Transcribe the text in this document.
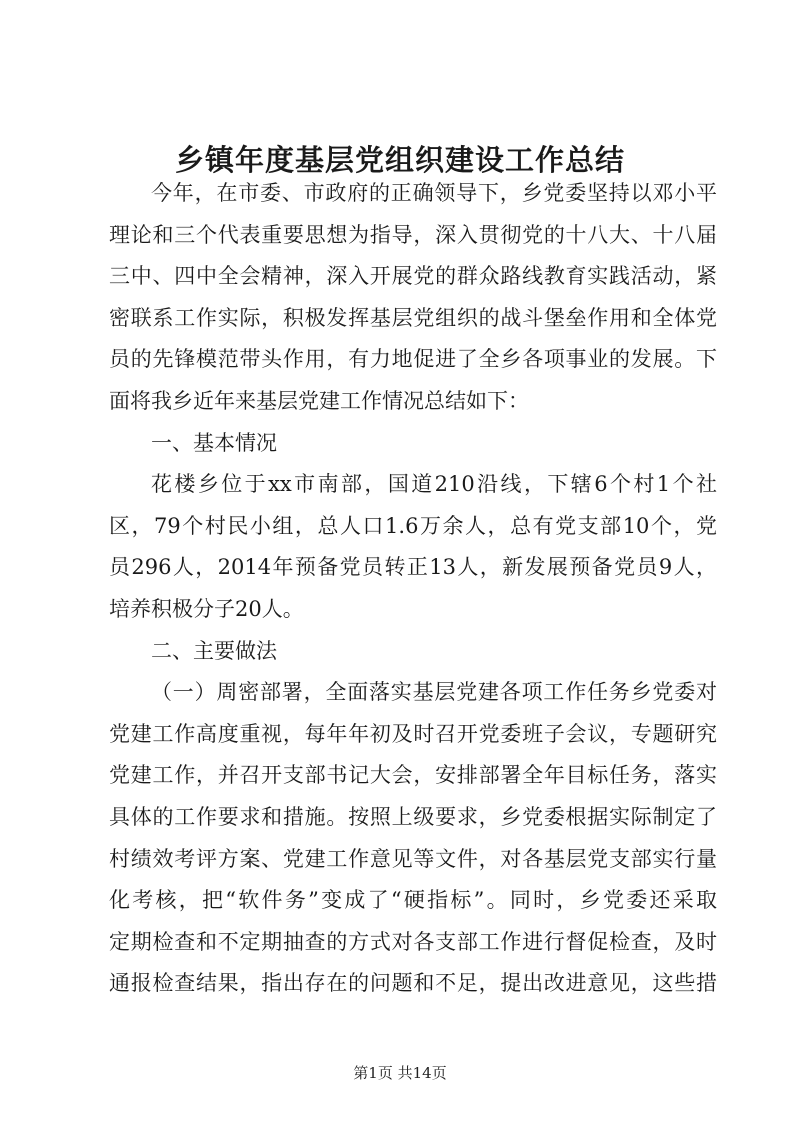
乡镇年度基层党组织建设工作总结

今年，在市委、市政府的正确领导下，乡党委坚持以邓小平

理论和三个代表重要思想为指导，深入贯彻党的十八大、十八届

三中、四中全会精神，深入开展党的群众路线教育实践活动，紧

密联系工作实际，积极发挥基层党组织的战斗堡垒作用和全体党

员的先锋模范带头作用，有力地促进了全乡各项事业的发展。下

面将我乡近年来基层党建工作情况总结如下：

一、基本情况

花楼乡位于xx市南部，国道210沿线，下辖6个村1个社

区，79个村民小组，总人口1.6万余人，总有党支部10个，党

员296人，2014年预备党员转正13人，新发展预备党员9人，

培养积极分子20人。

二、主要做法

（一）周密部署，全面落实基层党建各项工作任务乡党委对

党建工作高度重视，每年年初及时召开党委班子会议，专题研究

党建工作，并召开支部书记大会，安排部署全年目标任务，落实

具体的工作要求和措施。按照上级要求，乡党委根据实际制定了

村绩效考评方案、党建工作意见等文件，对各基层党支部实行量

第1页 共14页

化考核，把“软件务”变成了“硬指标”。同时，乡党委还采取

定期检查和不定期抽查的方式对各支部工作进行督促检查，及时

通报检查结果，指出存在的问题和不足，提出改进意见，这些措
